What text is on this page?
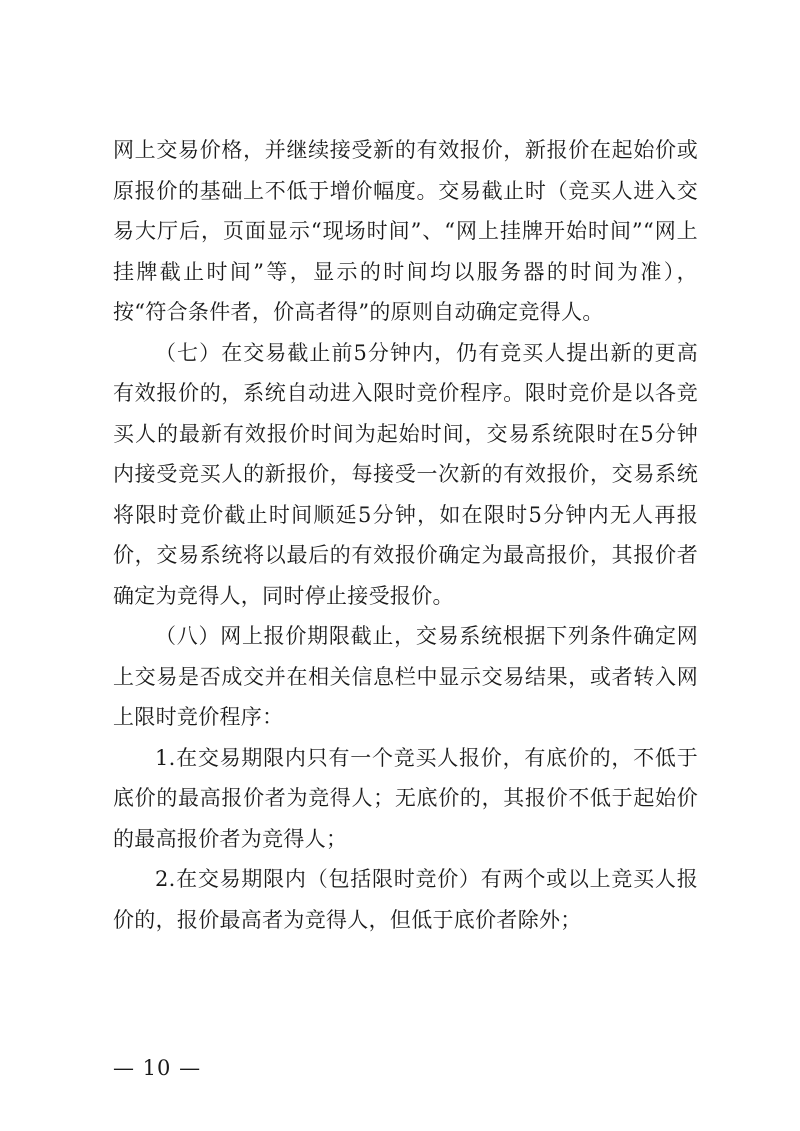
网上交易价格，并继续接受新的有效报价，新报价在起始价或原报价的基础上不低于增价幅度。交易截止时（竞买人进入交易大厅后，页面显示“现场时间”、“网上挂牌开始时间”“网上挂牌截止时间”等，显示的时间均以服务器的时间为准），按“符合条件者，价高者得”的原则自动确定竞得人。

（七）在交易截止前5分钟内，仍有竞买人提出新的更高有效报价的，系统自动进入限时竞价程序。限时竞价是以各竞买人的最新有效报价时间为起始时间，交易系统限时在5分钟内接受竞买人的新报价，每接受一次新的有效报价，交易系统将限时竞价截止时间顺延5分钟，如在限时5分钟内无人再报价，交易系统将以最后的有效报价确定为最高报价，其报价者确定为竞得人，同时停止接受报价。

（八）网上报价期限截止，交易系统根据下列条件确定网上交易是否成交并在相关信息栏中显示交易结果，或者转入网上限时竞价程序：

1.在交易期限内只有一个竞买人报价，有底价的，不低于底价的最高报价者为竞得人；无底价的，其报价不低于起始价的最高报价者为竞得人；

2.在交易期限内（包括限时竞价）有两个或以上竞买人报价的，报价最高者为竞得人，但低于底价者除外；

— 10 —
